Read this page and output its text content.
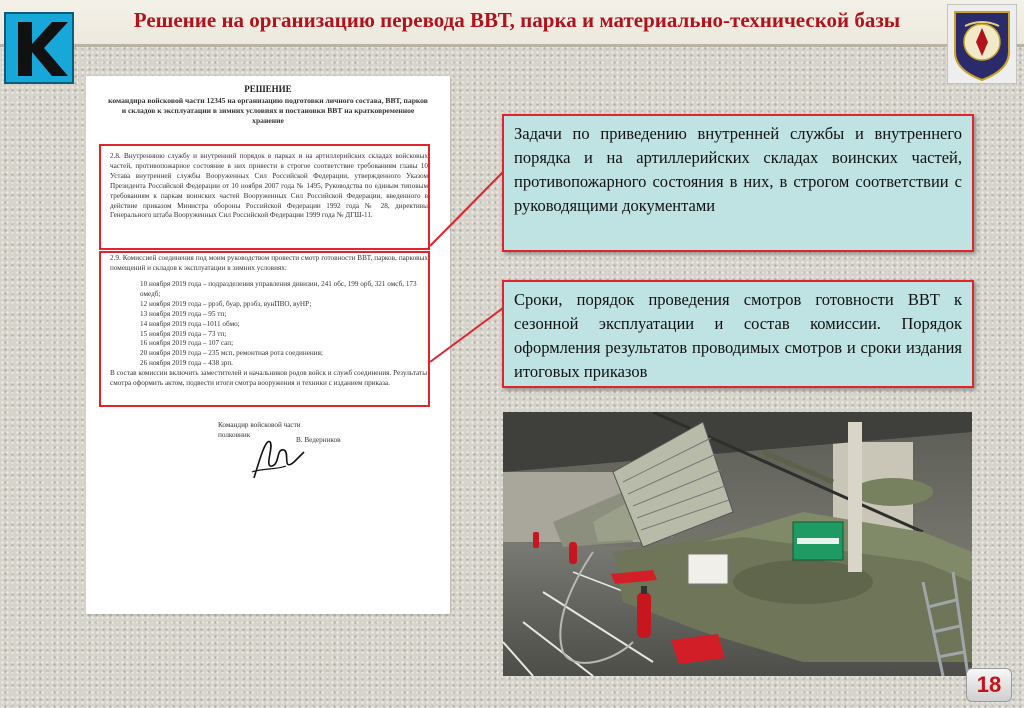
Решение на организацию перевода ВВТ, парка и материально-технической базы
РЕШЕНИЕ
командира войсковой части 12345 на организацию подготовки личного состава, ВВТ, парков и складов к эксплуатации в зимних условиях и постановки ВВТ на кратковременное хранение
2.8. Внутреннюю службу и внутренний порядок в парках и на артиллерийских складах войсковых частей, противопожарное состояние в них привести в строгое соответствие требованиям главы 10 Устава внутренней службы Вооруженных Сил Российской Федерации, утвержденного Указом Президента Российской Федерации от 10 ноября 2007 года № 1495, Руководства по единым типовым требованиям к паркам воинских частей Вооруженных Сил Российской Федерации, введенного в действие приказом Министра обороны Российской Федерации 1992 года № 28, директивы Генерального штаба Вооруженных Сил Российской Федерации 1999 года № ДГШ-11.
2.9. Комиссией соединения под моим руководством провести смотр готовности ВВТ, парков, парковых помещений и складов к эксплуатации в зимних условиях:
10 ноября 2019 года – подразделения управления дивизии, 241 обс, 199 орб, 321 омсб, 173 омедб;
12 ноября 2019 года – ррэб, буар, ррэбз, вунПВО, вуНР;
13 ноября 2019 года – 95 тп;
14 ноября 2019 года –1011 обмо;
15 ноября 2019 года – 73 тп;
16 ноября 2019 года – 107 сап;
20 ноября 2019 года – 235 мсп, ремонтная рота соединения;
26 ноября 2019 года – 438 зрп.
В состав комиссии включить заместителей и начальников родов войск и служб соединения. Результаты смотра оформить актом, подвести итоги смотра вооружения и техники с изданием приказа.
Командир войсковой части
полковник
В. Ведерников
Задачи по приведению внутренней службы и внутреннего порядка и на артиллерийских складах воинских частей, противопожарного состояния в них, в строгом соответствии с руководящими документами
Сроки, порядок проведения смотров готовности ВВТ к сезонной эксплуатации и состав комиссии. Порядок оформления результатов проводимых смотров и сроки издания итоговых приказов
18
